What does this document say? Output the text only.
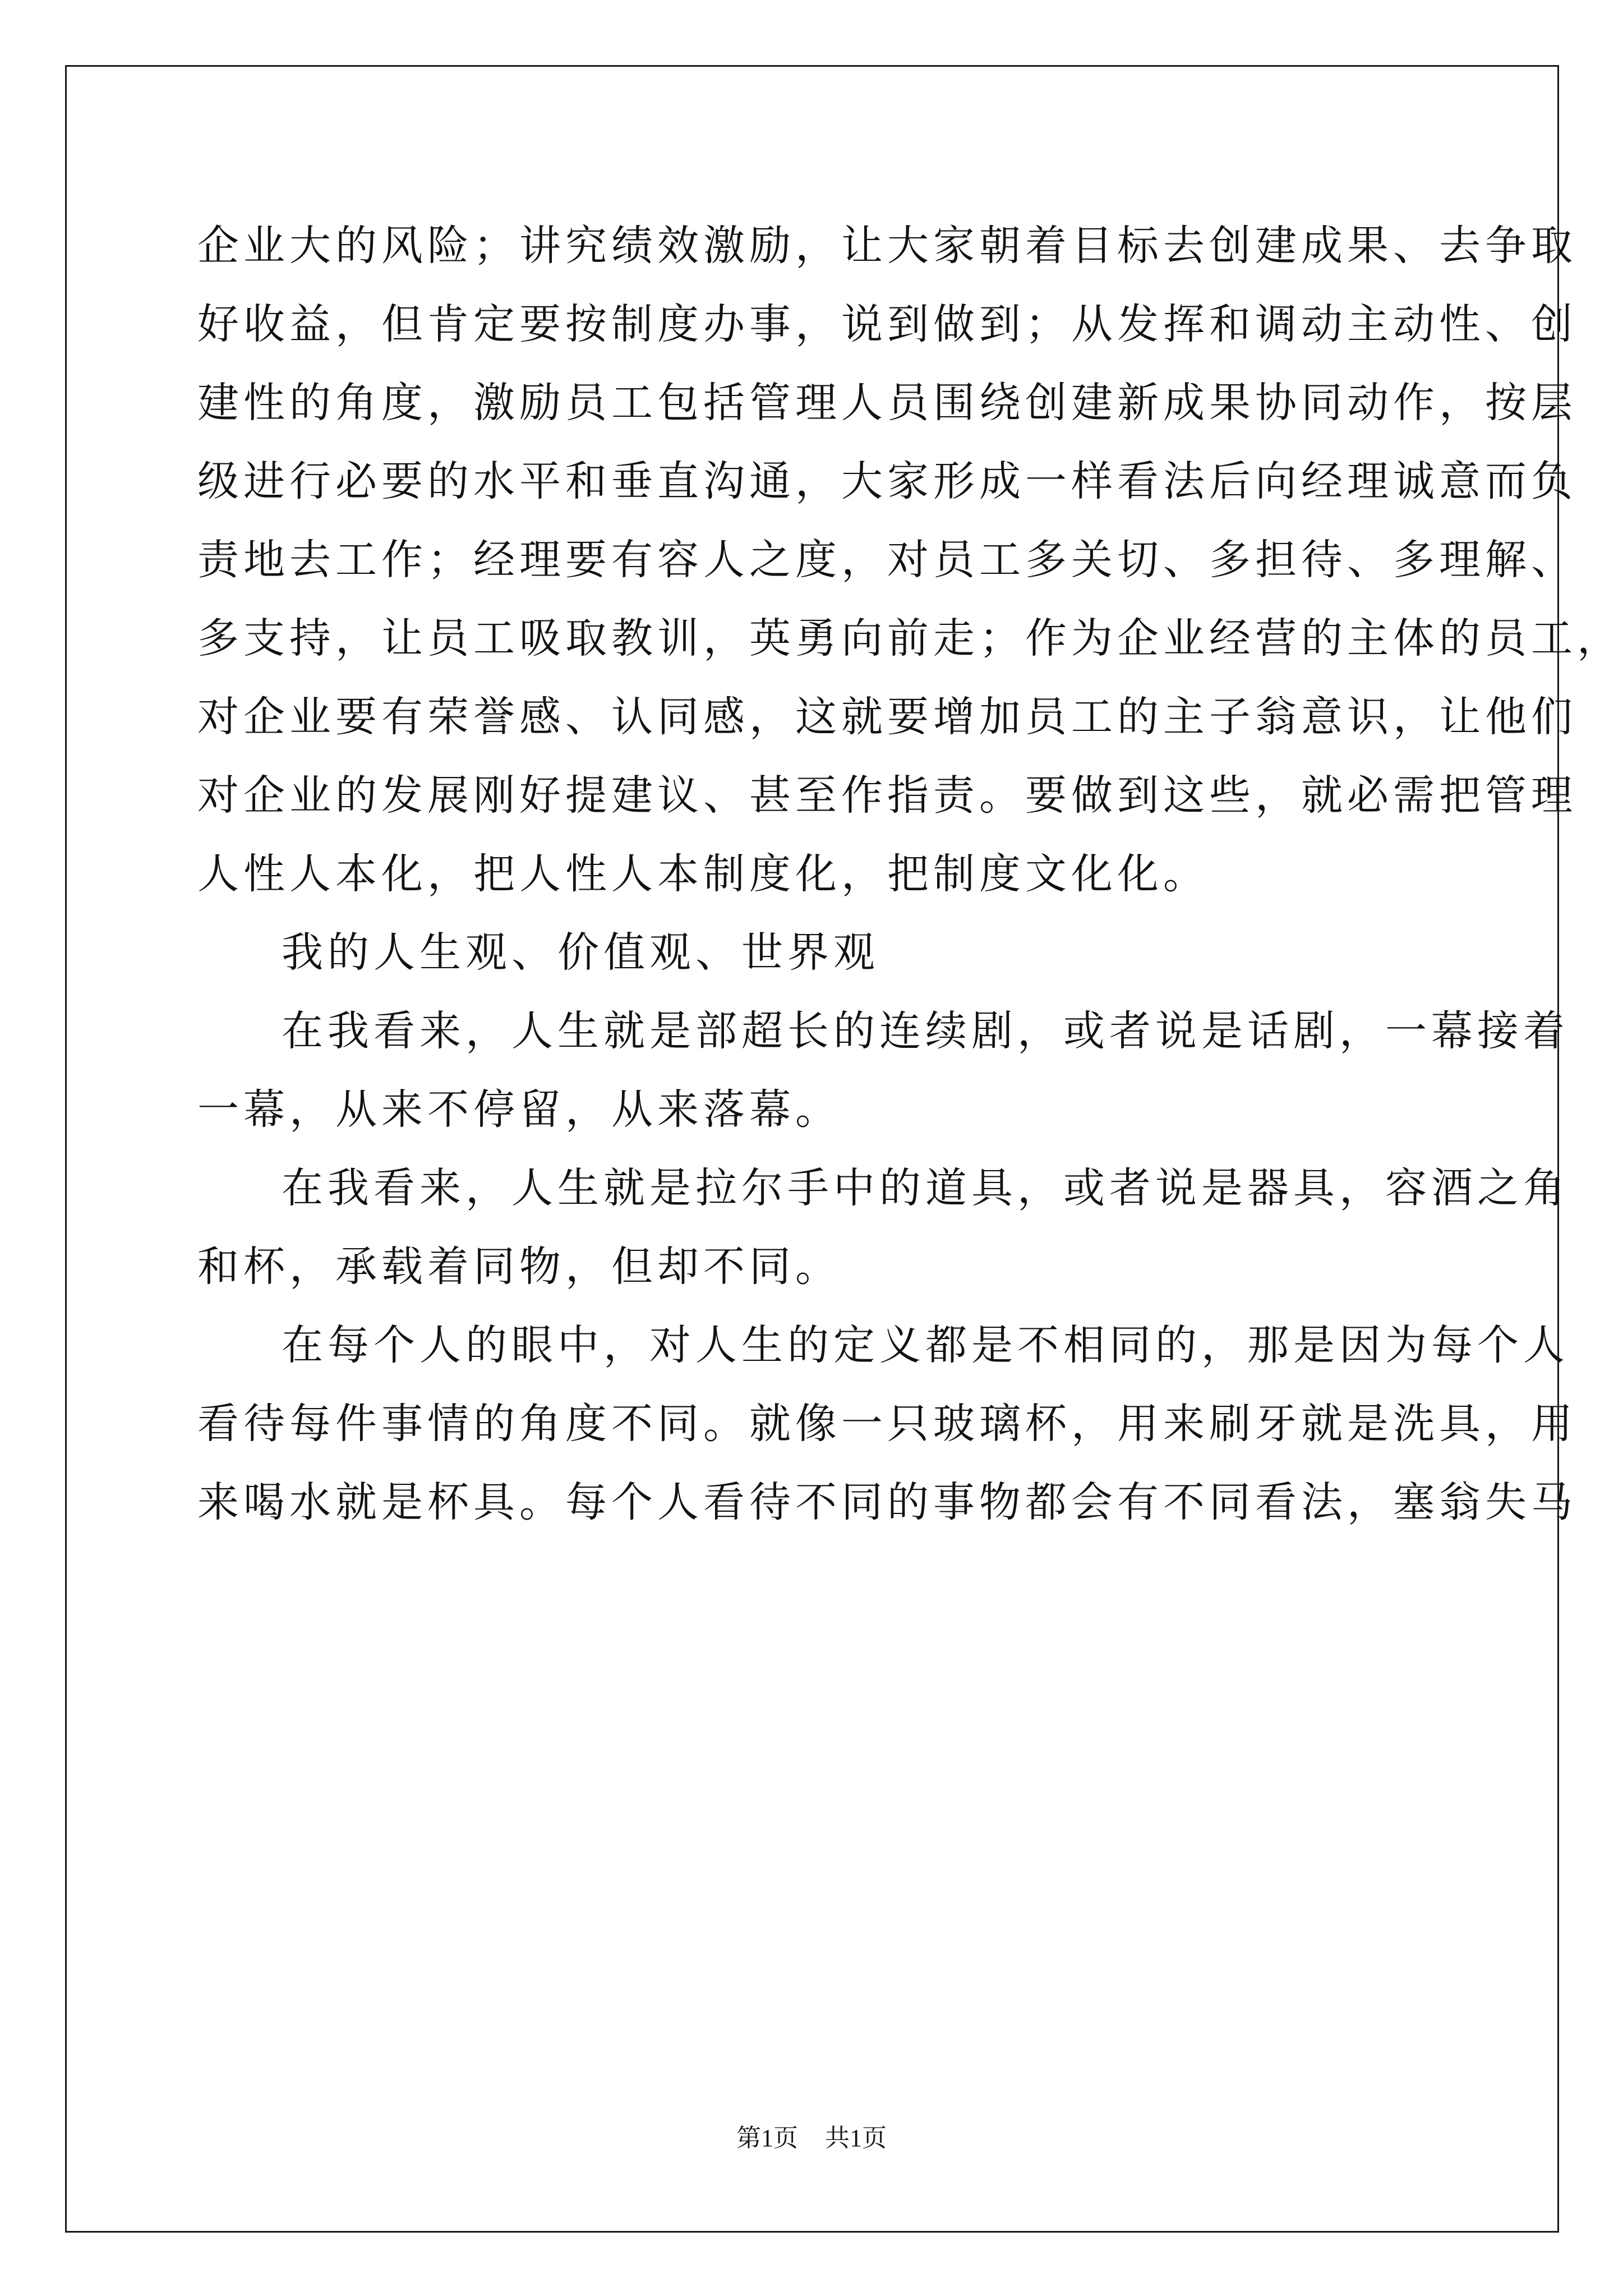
企业大的风险；讲究绩效激励，让大家朝着目标去创建成果、去争取

好收益，但肯定要按制度办事，说到做到；从发挥和调动主动性、创

建性的角度，激励员工包括管理人员围绕创建新成果协同动作，按层

级进行必要的水平和垂直沟通，大家形成一样看法后向经理诚意而负

责地去工作；经理要有容人之度，对员工多关切、多担待、多理解、

多支持，让员工吸取教训，英勇向前走；作为企业经营的主体的员工，

对企业要有荣誉感、认同感，这就要增加员工的主子翁意识，让他们

对企业的发展刚好提建议、甚至作指责。要做到这些，就必需把管理

人性人本化，把人性人本制度化，把制度文化化。

我的人生观、价值观、世界观

在我看来，人生就是部超长的连续剧，或者说是话剧，一幕接着

一幕，从来不停留，从来落幕。

在我看来，人生就是拉尔手中的道具，或者说是器具，容酒之角

和杯，承载着同物，但却不同。

在每个人的眼中，对人生的定义都是不相同的，那是因为每个人

看待每件事情的角度不同。就像一只玻璃杯，用来刷牙就是洗具，用

来喝水就是杯具。每个人看待不同的事物都会有不同看法，塞翁失马

第1页 共1页
